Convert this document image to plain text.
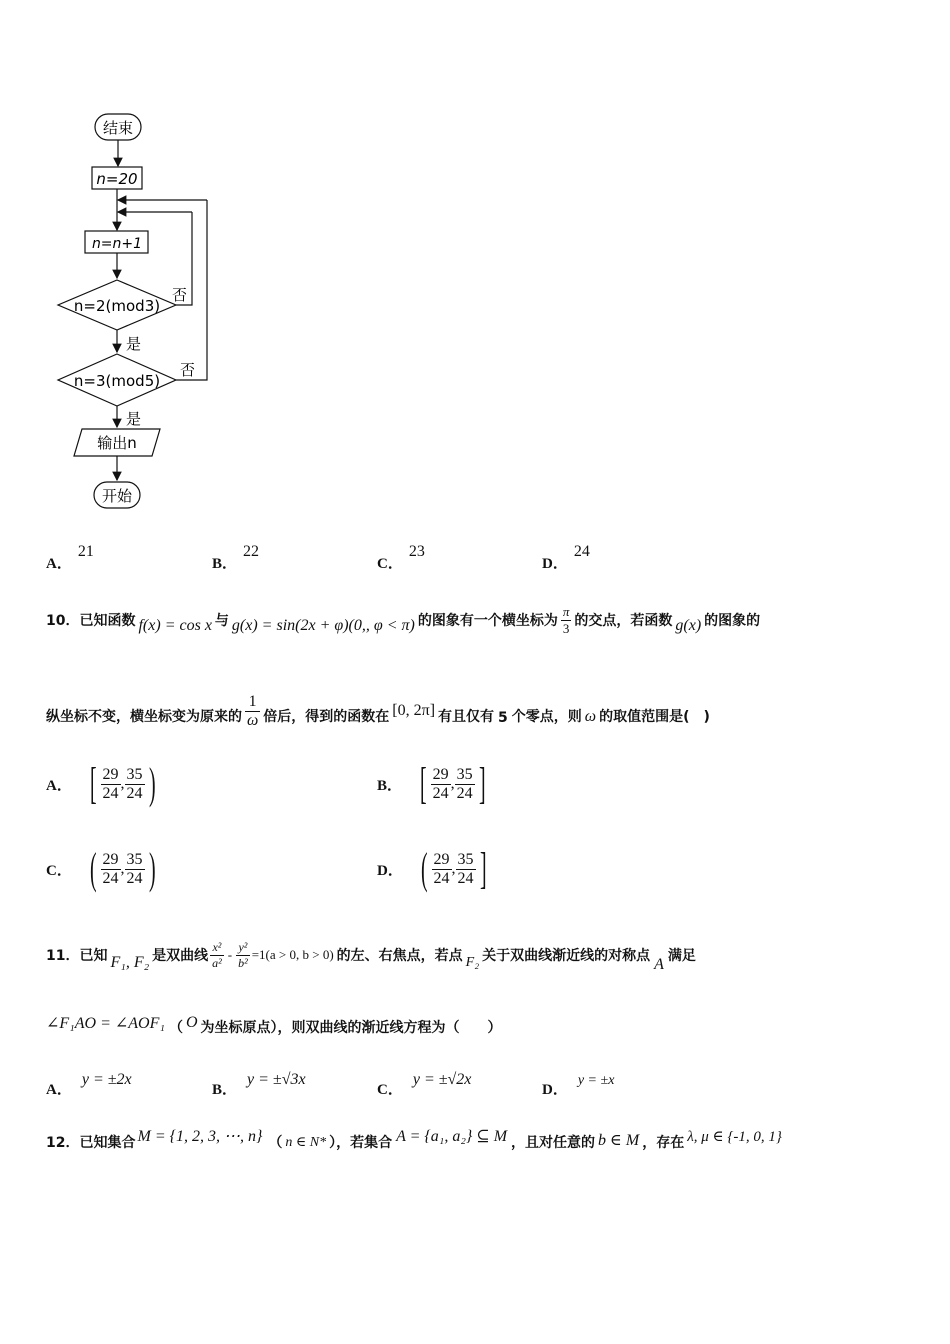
结束
n=20
n=n+1
n=2(mod3)
否
是
n=3(mod5)
否
是
输出n
开始
A．21
B．22
C．23
D．24
10． 已知函数 f(x) = cos x 与 g(x) = sin(2x + φ)(0,, φ < π) 的图象有一个横坐标为 $\frac{\pi}{3}$ 的交点，若函数 g(x) 的图象的
纵坐标不变，横坐标变为原来的 $\frac{1}{\omega}$ 倍后，得到的函数在 [0, 2π] 有且仅有 5 个零点，则 ω 的取值范围是(　)
A． [ $\frac{29}{24}$ , $\frac{35}{24}$ )	B． [ $\frac{29}{24}$ , $\frac{35}{24}$ ]
C． ( $\frac{29}{24}$ , $\frac{35}{24}$ )	D． ( $\frac{29}{24}$ , $\frac{35}{24}$ ]
11． 已知 F₁, F₂ 是双曲线 $\frac{\text{x²}}{\text{a²}} - \frac{\text{y²}}{\text{b²}} =1(a > 0$, b > 0) 的左、右焦点，若点 F₂ 关于双曲线渐近线的对称点 A 满足
∠F₁AO = ∠AOF₁ （ O 为坐标原点），则双曲线的渐近线方程为（　　）
A．y = ±2x
B．y = ±√3x
C．y = ±√2x
D．y = ±x
12． 已知集合 M = {1, 2, 3, ⋯, n} （ n ∈ N* ），若集合 A = {a₁, a₂} ⊆ M ，且对任意的 b ∈ M ，存在 λ, μ ∈ {-1, 0, 1}
